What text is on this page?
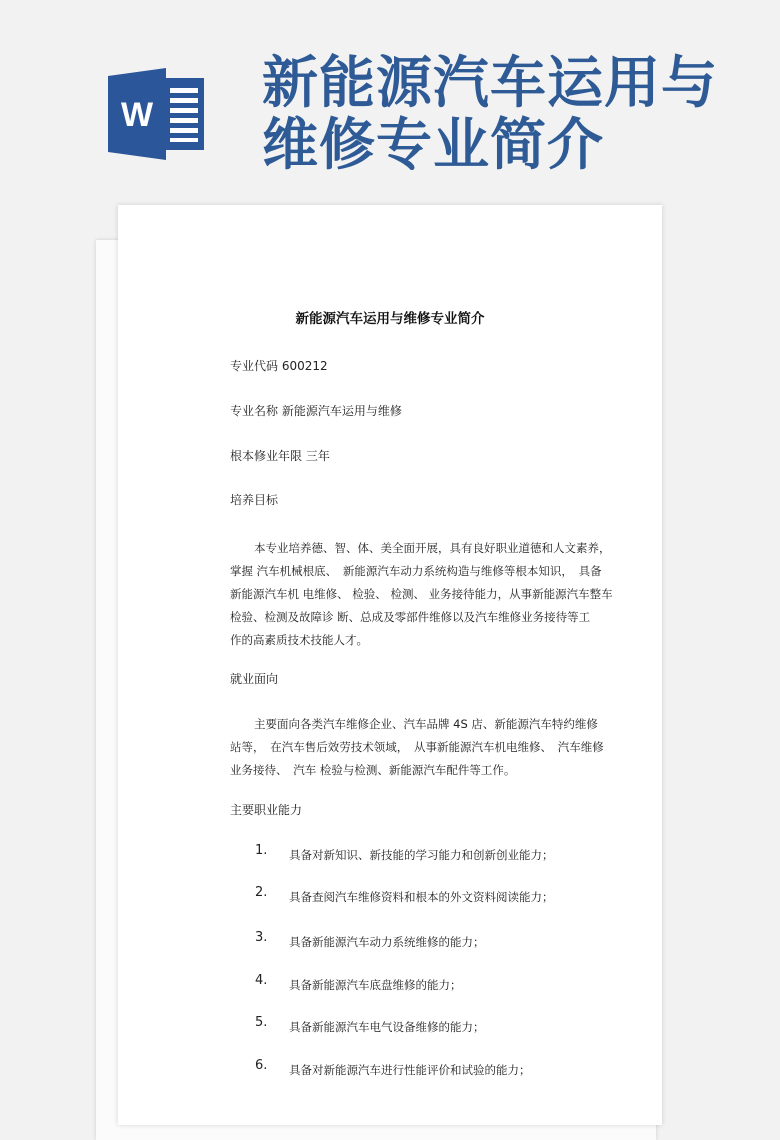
W 新能源汽车运用与
维修专业简介
新能源汽车运用与维修专业简介
专业代码 600212
专业名称 新能源汽车运用与维修
根本修业年限 三年
培养目标
本专业培养德、智、体、美全面开展，具有良好职业道德和人文素养，
掌握 汽车机械根底、　新能源汽车动力系统构造与维修等根本知识，　具备
新能源汽车机 电维修、 检验、 检测、 业务接待能力，从事新能源汽车整车
检验、检测及故障诊 断、总成及零部件维修以及汽车维修业务接待等工
作的高素质技术技能人才。
就业面向
主要面向各类汽车维修企业、汽车品牌 4S 店、新能源汽车特约维修
站等，　在汽车售后效劳技术领域，　从事新能源汽车机电维修、　汽车维修
业务接待、　汽车 检验与检测、新能源汽车配件等工作。
主要职业能力
1. 具备对新知识、新技能的学习能力和创新创业能力；
2. 具备查阅汽车维修资料和根本的外文资料阅读能力；
3. 具备新能源汽车动力系统维修的能力；
4. 具备新能源汽车底盘维修的能力；
5. 具备新能源汽车电气设备维修的能力；
6. 具备对新能源汽车进行性能评价和试验的能力；
